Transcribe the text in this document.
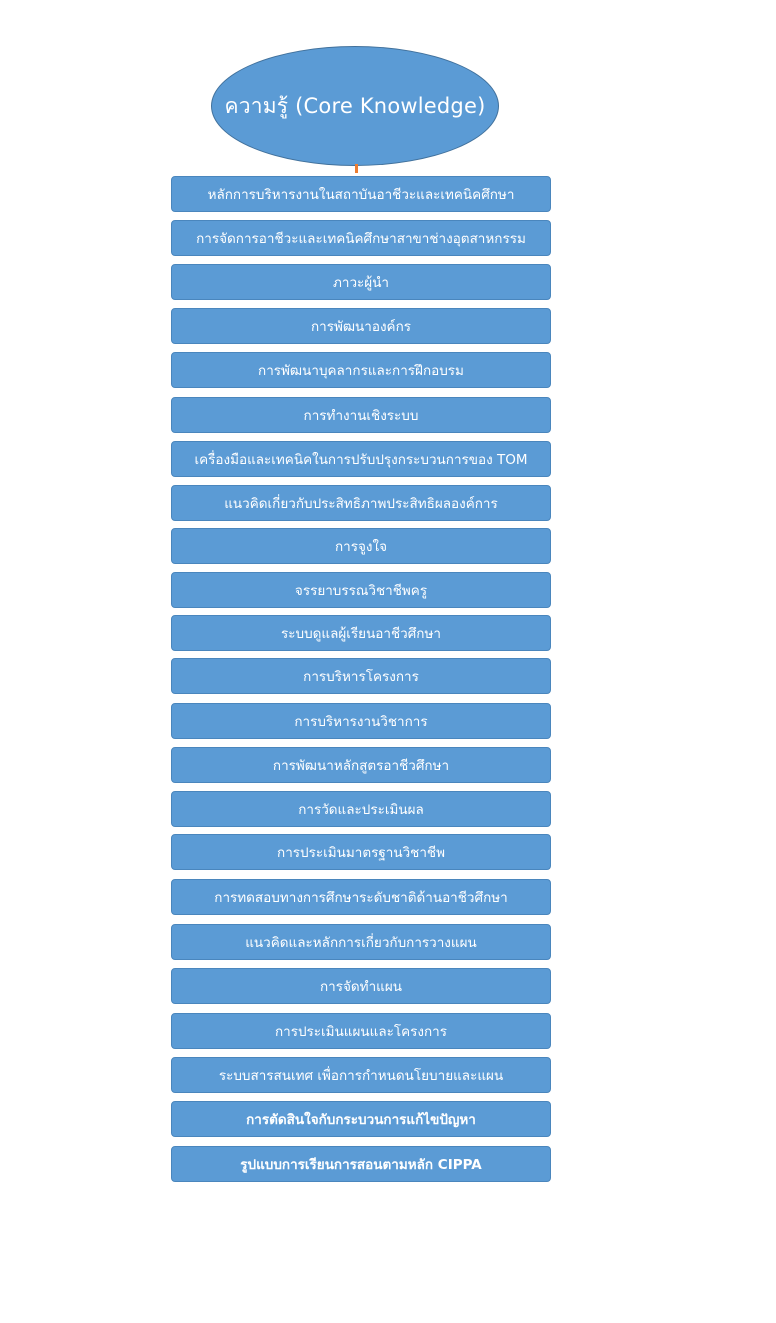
ความรู้ (Core Knowledge)
หลักการบริหารงานในสถาบันอาชีวะและเทคนิคศึกษา
การจัดการอาชีวะและเทคนิคศึกษาสาขาช่างอุตสาหกรรม
ภาวะผู้นำ
การพัฒนาองค์กร
การพัฒนาบุคลากรและการฝึกอบรม
การทำงานเชิงระบบ
เครื่องมือและเทคนิคในการปรับปรุงกระบวนการของ TOM
แนวคิดเกี่ยวกับประสิทธิภาพประสิทธิผลองค์การ
การจูงใจ
จรรยาบรรณวิชาชีพครู
ระบบดูแลผู้เรียนอาชีวศึกษา
การบริหารโครงการ
การบริหารงานวิชาการ
การพัฒนาหลักสูตรอาชีวศึกษา
การวัดและประเมินผล
การประเมินมาตรฐานวิชาชีพ
การทดสอบทางการศึกษาระดับชาติด้านอาชีวศึกษา
แนวคิดและหลักการเกี่ยวกับการวางแผน
การจัดทำแผน
การประเมินแผนและโครงการ
ระบบสารสนเทศ เพื่อการกำหนดนโยบายและแผน
การตัดสินใจกับกระบวนการแก้ไขปัญหา
รูปแบบการเรียนการสอนตามหลัก CIPPA
